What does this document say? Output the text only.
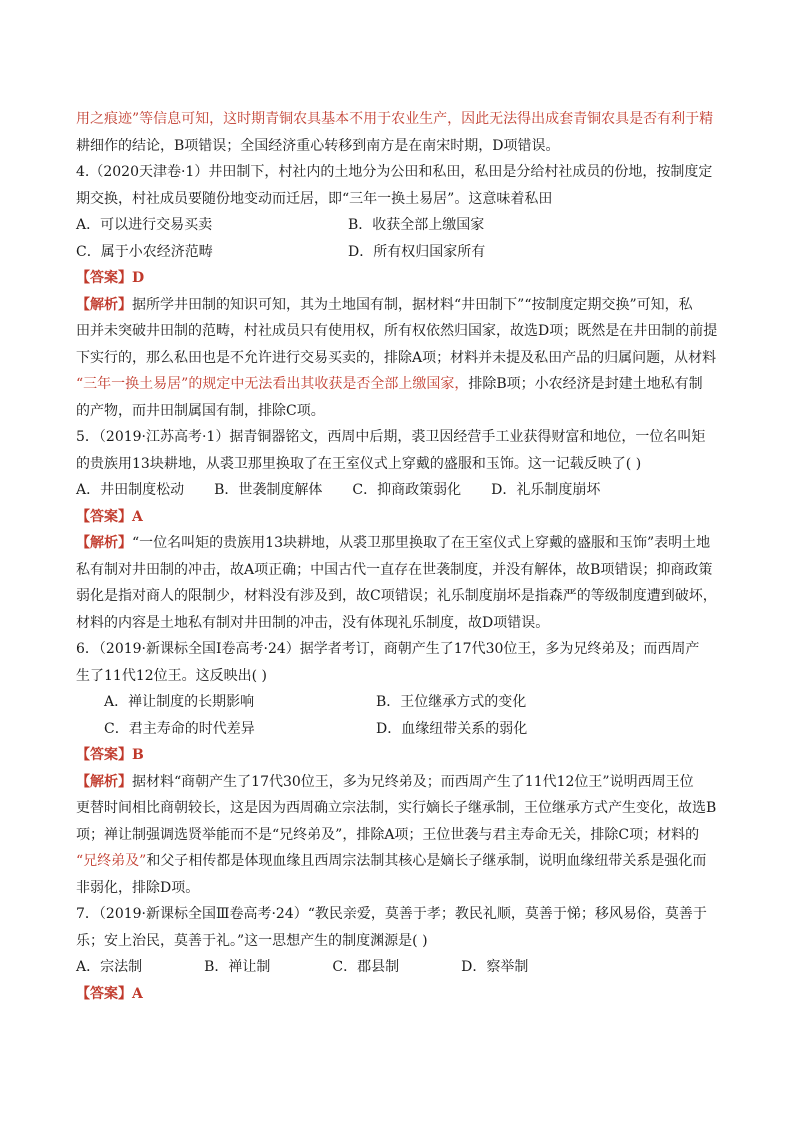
用之痕迹”等信息可知，这时期青铜农具基本不用于农业生产，因此无法得出成套青铜农具是否有利于精
耕细作的结论，B项错误；全国经济重心转移到南方是在南宋时期，D项错误。
4.（2020天津卷·1）井田制下，村社内的土地分为公田和私田，私田是分给村社成员的份地，按制度定
期交换，村社成员要随份地变动而迁居，即“三年一换土易居”。这意味着私田
A．可以进行交易买卖	B．收获全部上缴国家
C．属于小农经济范畴	D．所有权归国家所有
【答案】D
【解析】据所学井田制的知识可知，其为土地国有制，据材料“井田制下”“按制度定期交换”可知，私
田并未突破井田制的范畴，村社成员只有使用权，所有权依然归国家，故选D项；既然是在井田制的前提
下实行的，那么私田也是不允许进行交易买卖的，排除A项；材料并未提及私田产品的归属问题，从材料
“三年一换土易居”的规定中无法看出其收获是否全部上缴国家，排除B项；小农经济是封建土地私有制
的产物，而井田制属国有制，排除C项。
5．（2019·江苏高考·1）据青铜器铭文，西周中后期，裘卫因经营手工业获得财富和地位，一位名叫矩
的贵族用13块耕地，从裘卫那里换取了在王室仪式上穿戴的盛服和玉饰。这一记载反映了( )
A．井田制度松动 B．世袭制度解体 C．抑商政策弱化 D．礼乐制度崩坏
【答案】A
【解析】“一位名叫矩的贵族用13块耕地，从裘卫那里换取了在王室仪式上穿戴的盛服和玉饰”表明土地
私有制对井田制的冲击，故A项正确；中国古代一直存在世袭制度，并没有解体，故B项错误；抑商政策
弱化是指对商人的限制少，材料没有涉及到，故C项错误；礼乐制度崩坏是指森严的等级制度遭到破坏，
材料的内容是土地私有制对井田制的冲击，没有体现礼乐制度，故D项错误。
6．（2019·新课标全国Ⅰ卷高考·24）据学者考订，商朝产生了17代30位王，多为兄终弟及；而西周产
生了11代12位王。这反映出( )
A．禅让制度的长期影响	B．王位继承方式的变化
C．君主寿命的时代差异	D．血缘纽带关系的弱化
【答案】B
【解析】据材料“商朝产生了17代30位王，多为兄终弟及；而西周产生了11代12位王”说明西周王位
更替时间相比商朝较长，这是因为西周确立宗法制，实行嫡长子继承制，王位继承方式产生变化，故选B
项；禅让制强调选贤举能而不是“兄终弟及”，排除A项；王位世袭与君主寿命无关，排除C项；材料的
“兄终弟及”和父子相传都是体现血缘且西周宗法制其核心是嫡长子继承制，说明血缘纽带关系是强化而
非弱化，排除D项。
7．（2019·新课标全国Ⅲ卷高考·24）“教民亲爱，莫善于孝；教民礼顺，莫善于悌；移风易俗，莫善于
乐；安上治民，莫善于礼。”这一思想产生的制度渊源是( )
A．宗法制	B．禅让制	C．郡县制	D．察举制
【答案】A
